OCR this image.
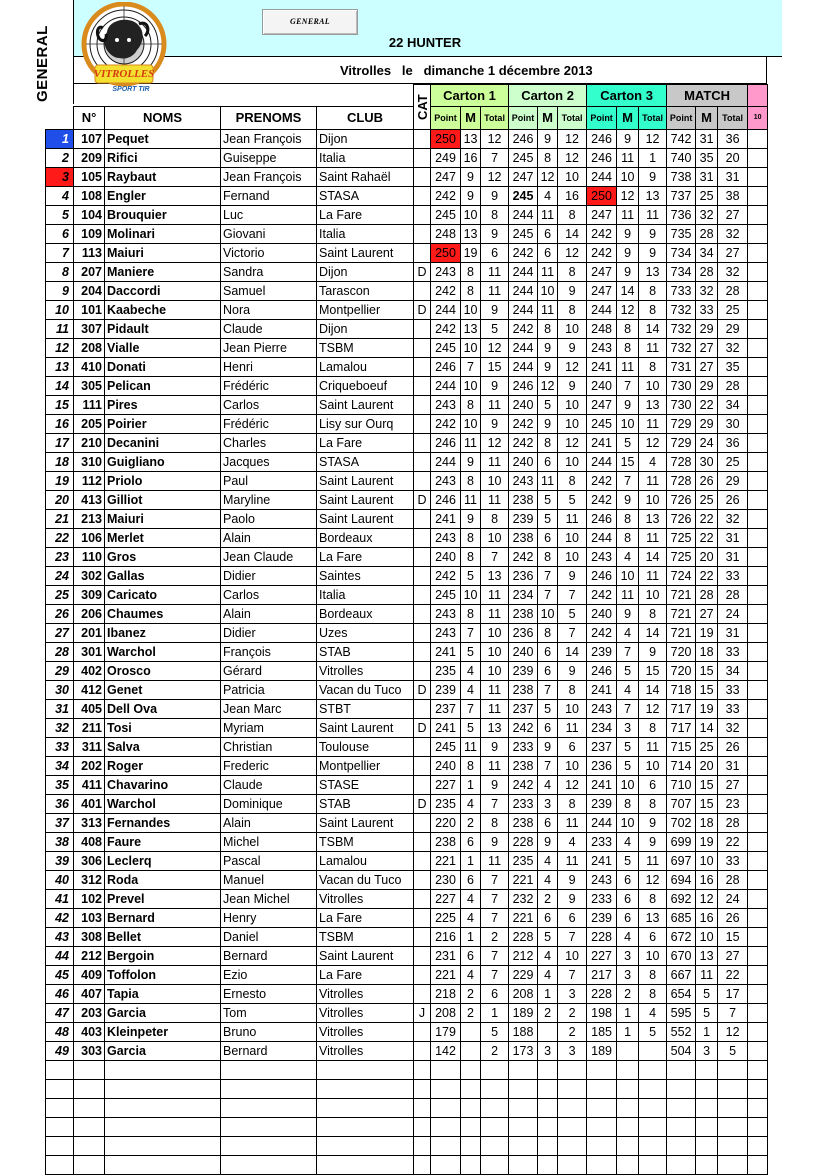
GENERAL
GENERAL	22 HUNTER
Vitrolles   le   dimanche 1 décembre 2013
VITROLLES
SPORT TIR
					CAT	Carton 1			Carton 2			Carton 3			MATCH			
	N°	NOMS	PRENOMS	CLUB		Point	M	Total	Point	M	Total	Point	M	Total	Point	M	Total	10
1	107	Pequet	Jean François	Dijon		250	13	12	246	9	12	246	9	12	742	31	36	
2	209	Rifici	Guiseppe	Italia		249	16	7	245	8	12	246	11	1	740	35	20	
3	105	Raybaut	Jean François	Saint Rahaël		247	9	12	247	12	10	244	10	9	738	31	31	
4	108	Engler	Fernand	STASA		242	9	9	245	4	16	250	12	13	737	25	38	
5	104	Brouquier	Luc	La Fare		245	10	8	244	11	8	247	11	11	736	32	27	
6	109	Molinari	Giovani	Italia		248	13	9	245	6	14	242	9	9	735	28	32	
7	113	Maiuri	Victorio	Saint Laurent		250	19	6	242	6	12	242	9	9	734	34	27	
8	207	Maniere	Sandra	Dijon	D	243	8	11	244	11	8	247	9	13	734	28	32	
9	204	Daccordi	Samuel	Tarascon		242	8	11	244	10	9	247	14	8	733	32	28	
10	101	Kaabeche	Nora	Montpellier	D	244	10	9	244	11	8	244	12	8	732	33	25	
11	307	Pidault	Claude	Dijon		242	13	5	242	8	10	248	8	14	732	29	29	
12	208	Vialle	Jean Pierre	TSBM		245	10	12	244	9	9	243	8	11	732	27	32	
13	410	Donati	Henri	Lamalou		246	7	15	244	9	12	241	11	8	731	27	35	
14	305	Pelican	Frédéric	Criqueboeuf		244	10	9	246	12	9	240	7	10	730	29	28	
15	111	Pires	Carlos	Saint Laurent		243	8	11	240	5	10	247	9	13	730	22	34	
16	205	Poirier	Frédéric	Lisy sur Ourq		242	10	9	242	9	10	245	10	11	729	29	30	
17	210	Decanini	Charles	La Fare		246	11	12	242	8	12	241	5	12	729	24	36	
18	310	Guigliano	Jacques	STASA		244	9	11	240	6	10	244	15	4	728	30	25	
19	112	Priolo	Paul	Saint Laurent		243	8	10	243	11	8	242	7	11	728	26	29	
20	413	Gilliot	Maryline	Saint Laurent	D	246	11	11	238	5	5	242	9	10	726	25	26	
21	213	Maiuri	Paolo	Saint Laurent		241	9	8	239	5	11	246	8	13	726	22	32	
22	106	Merlet	Alain	Bordeaux		243	8	10	238	6	10	244	8	11	725	22	31	
23	110	Gros	Jean Claude	La Fare		240	8	7	242	8	10	243	4	14	725	20	31	
24	302	Gallas	Didier	Saintes		242	5	13	236	7	9	246	10	11	724	22	33	
25	309	Caricato	Carlos	Italia		245	10	11	234	7	7	242	11	10	721	28	28	
26	206	Chaumes	Alain	Bordeaux		243	8	11	238	10	5	240	9	8	721	27	24	
27	201	Ibanez	Didier	Uzes		243	7	10	236	8	7	242	4	14	721	19	31	
28	301	Warchol	François	STAB		241	5	10	240	6	14	239	7	9	720	18	33	
29	402	Orosco	Gérard	Vitrolles		235	4	10	239	6	9	246	5	15	720	15	34	
30	412	Genet	Patricia	Vacan du Tuco	D	239	4	11	238	7	8	241	4	14	718	15	33	
31	405	Dell Ova	Jean Marc	STBT		237	7	11	237	5	10	243	7	12	717	19	33	
32	211	Tosi	Myriam	Saint Laurent	D	241	5	13	242	6	11	234	3	8	717	14	32	
33	311	Salva	Christian	Toulouse		245	11	9	233	9	6	237	5	11	715	25	26	
34	202	Roger	Frederic	Montpellier		240	8	11	238	7	10	236	5	10	714	20	31	
35	411	Chavarino	Claude	STASE		227	1	9	242	4	12	241	10	6	710	15	27	
36	401	Warchol	Dominique	STAB	D	235	4	7	233	3	8	239	8	8	707	15	23	
37	313	Fernandes	Alain	Saint Laurent		220	2	8	238	6	11	244	10	9	702	18	28	
38	408	Faure	Michel	TSBM		238	6	9	228	9	4	233	4	9	699	19	22	
39	306	Leclerq	Pascal	Lamalou		221	1	11	235	4	11	241	5	11	697	10	33	
40	312	Roda	Manuel	Vacan du Tuco		230	6	7	221	4	9	243	6	12	694	16	28	
41	102	Prevel	Jean Michel	Vitrolles		227	4	7	232	2	9	233	6	8	692	12	24	
42	103	Bernard	Henry	La Fare		225	4	7	221	6	6	239	6	13	685	16	26	
43	308	Bellet	Daniel	TSBM		216	1	2	228	5	7	228	4	6	672	10	15	
44	212	Bergoin	Bernard	Saint Laurent		231	6	7	212	4	10	227	3	10	670	13	27	
45	409	Toffolon	Ezio	La Fare		221	4	7	229	4	7	217	3	8	667	11	22	
46	407	Tapia	Ernesto	Vitrolles		218	2	6	208	1	3	228	2	8	654	5	17	
47	203	Garcia	Tom	Vitrolles	J	208	2	1	189	2	2	198	1	4	595	5	7	
48	403	Kleinpeter	Bruno	Vitrolles		179		5	188		2	185	1	5	552	1	12	
49	303	Garcia	Bernard	Vitrolles		142		2	173	3	3	189			504	3	5	
